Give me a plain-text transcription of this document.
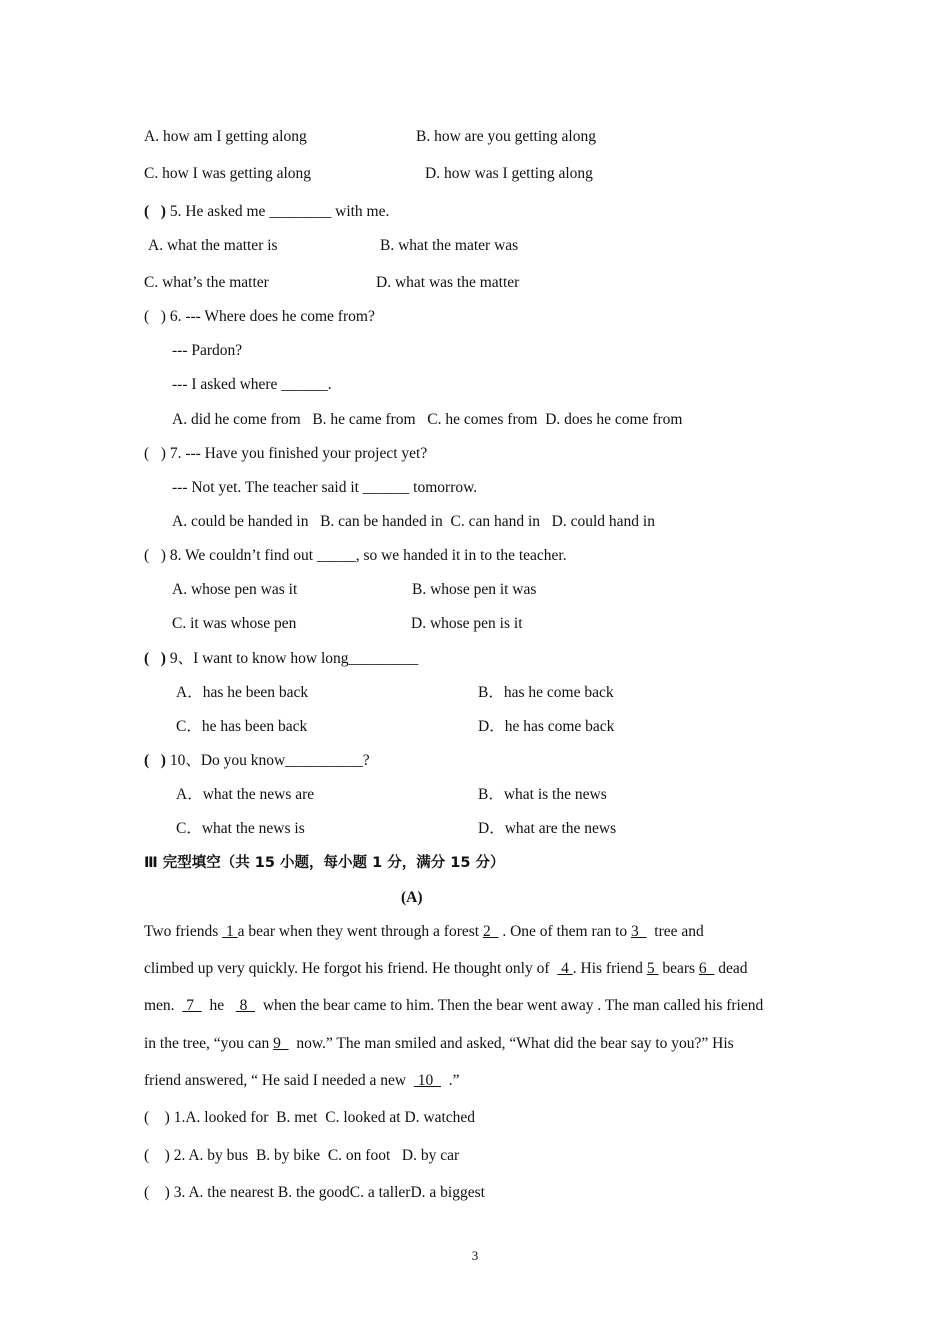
A. how am I getting along	B. how are you getting along
C. how I was getting along	D. how was I getting along
(   ) 5. He asked me ________ with me.
A. what the matter is	B. what the mater was
C. what’s the matter	D. what was the matter
(   ) 6. --- Where does he come from?
--- Pardon?
--- I asked where ______.
A. did he come from   B. he came from   C. he comes from  D. does he come from
(   ) 7. --- Have you finished your project yet?
--- Not yet. The teacher said it ______ tomorrow.
A. could be handed in   B. can be handed in  C. can hand in   D. could hand in
(   ) 8. We couldn’t find out _____, so we handed it in to the teacher.
A. whose pen was it	B. whose pen it was
C. it was whose pen	D. whose pen is it
(   ) 9、I want to know how long_________
A．has he been back	B．has he come back
C．he has been back	D．he has come back
(   ) 10、Do you know__________?
A．what the news are	B．what is the news
C．what the news is	D．what are the news
Ⅲ 完型填空（共 15 小题，每小题 1 分，满分 15 分）
(A)
Two friends  1 a bear when they went through a forest 2   . One of them ran to 3    tree and
climbed up very quickly. He forgot his friend. He thought only of   4 . His friend 5  bears 6   dead
men.   7    he    8    when the bear came to him. Then the bear went away . The man called his friend
in the tree, “you can 9    now.” The man smiled and asked, “What did the bear say to you?” His
friend answered, “ He said I needed a new   10    .”
(    ) 1.A. looked for  B. met  C. looked at D. watched
(    ) 2. A. by bus  B. by bike  C. on foot   D. by car
(    ) 3. A. the nearest B. the goodC. a tallerD. a biggest
3
